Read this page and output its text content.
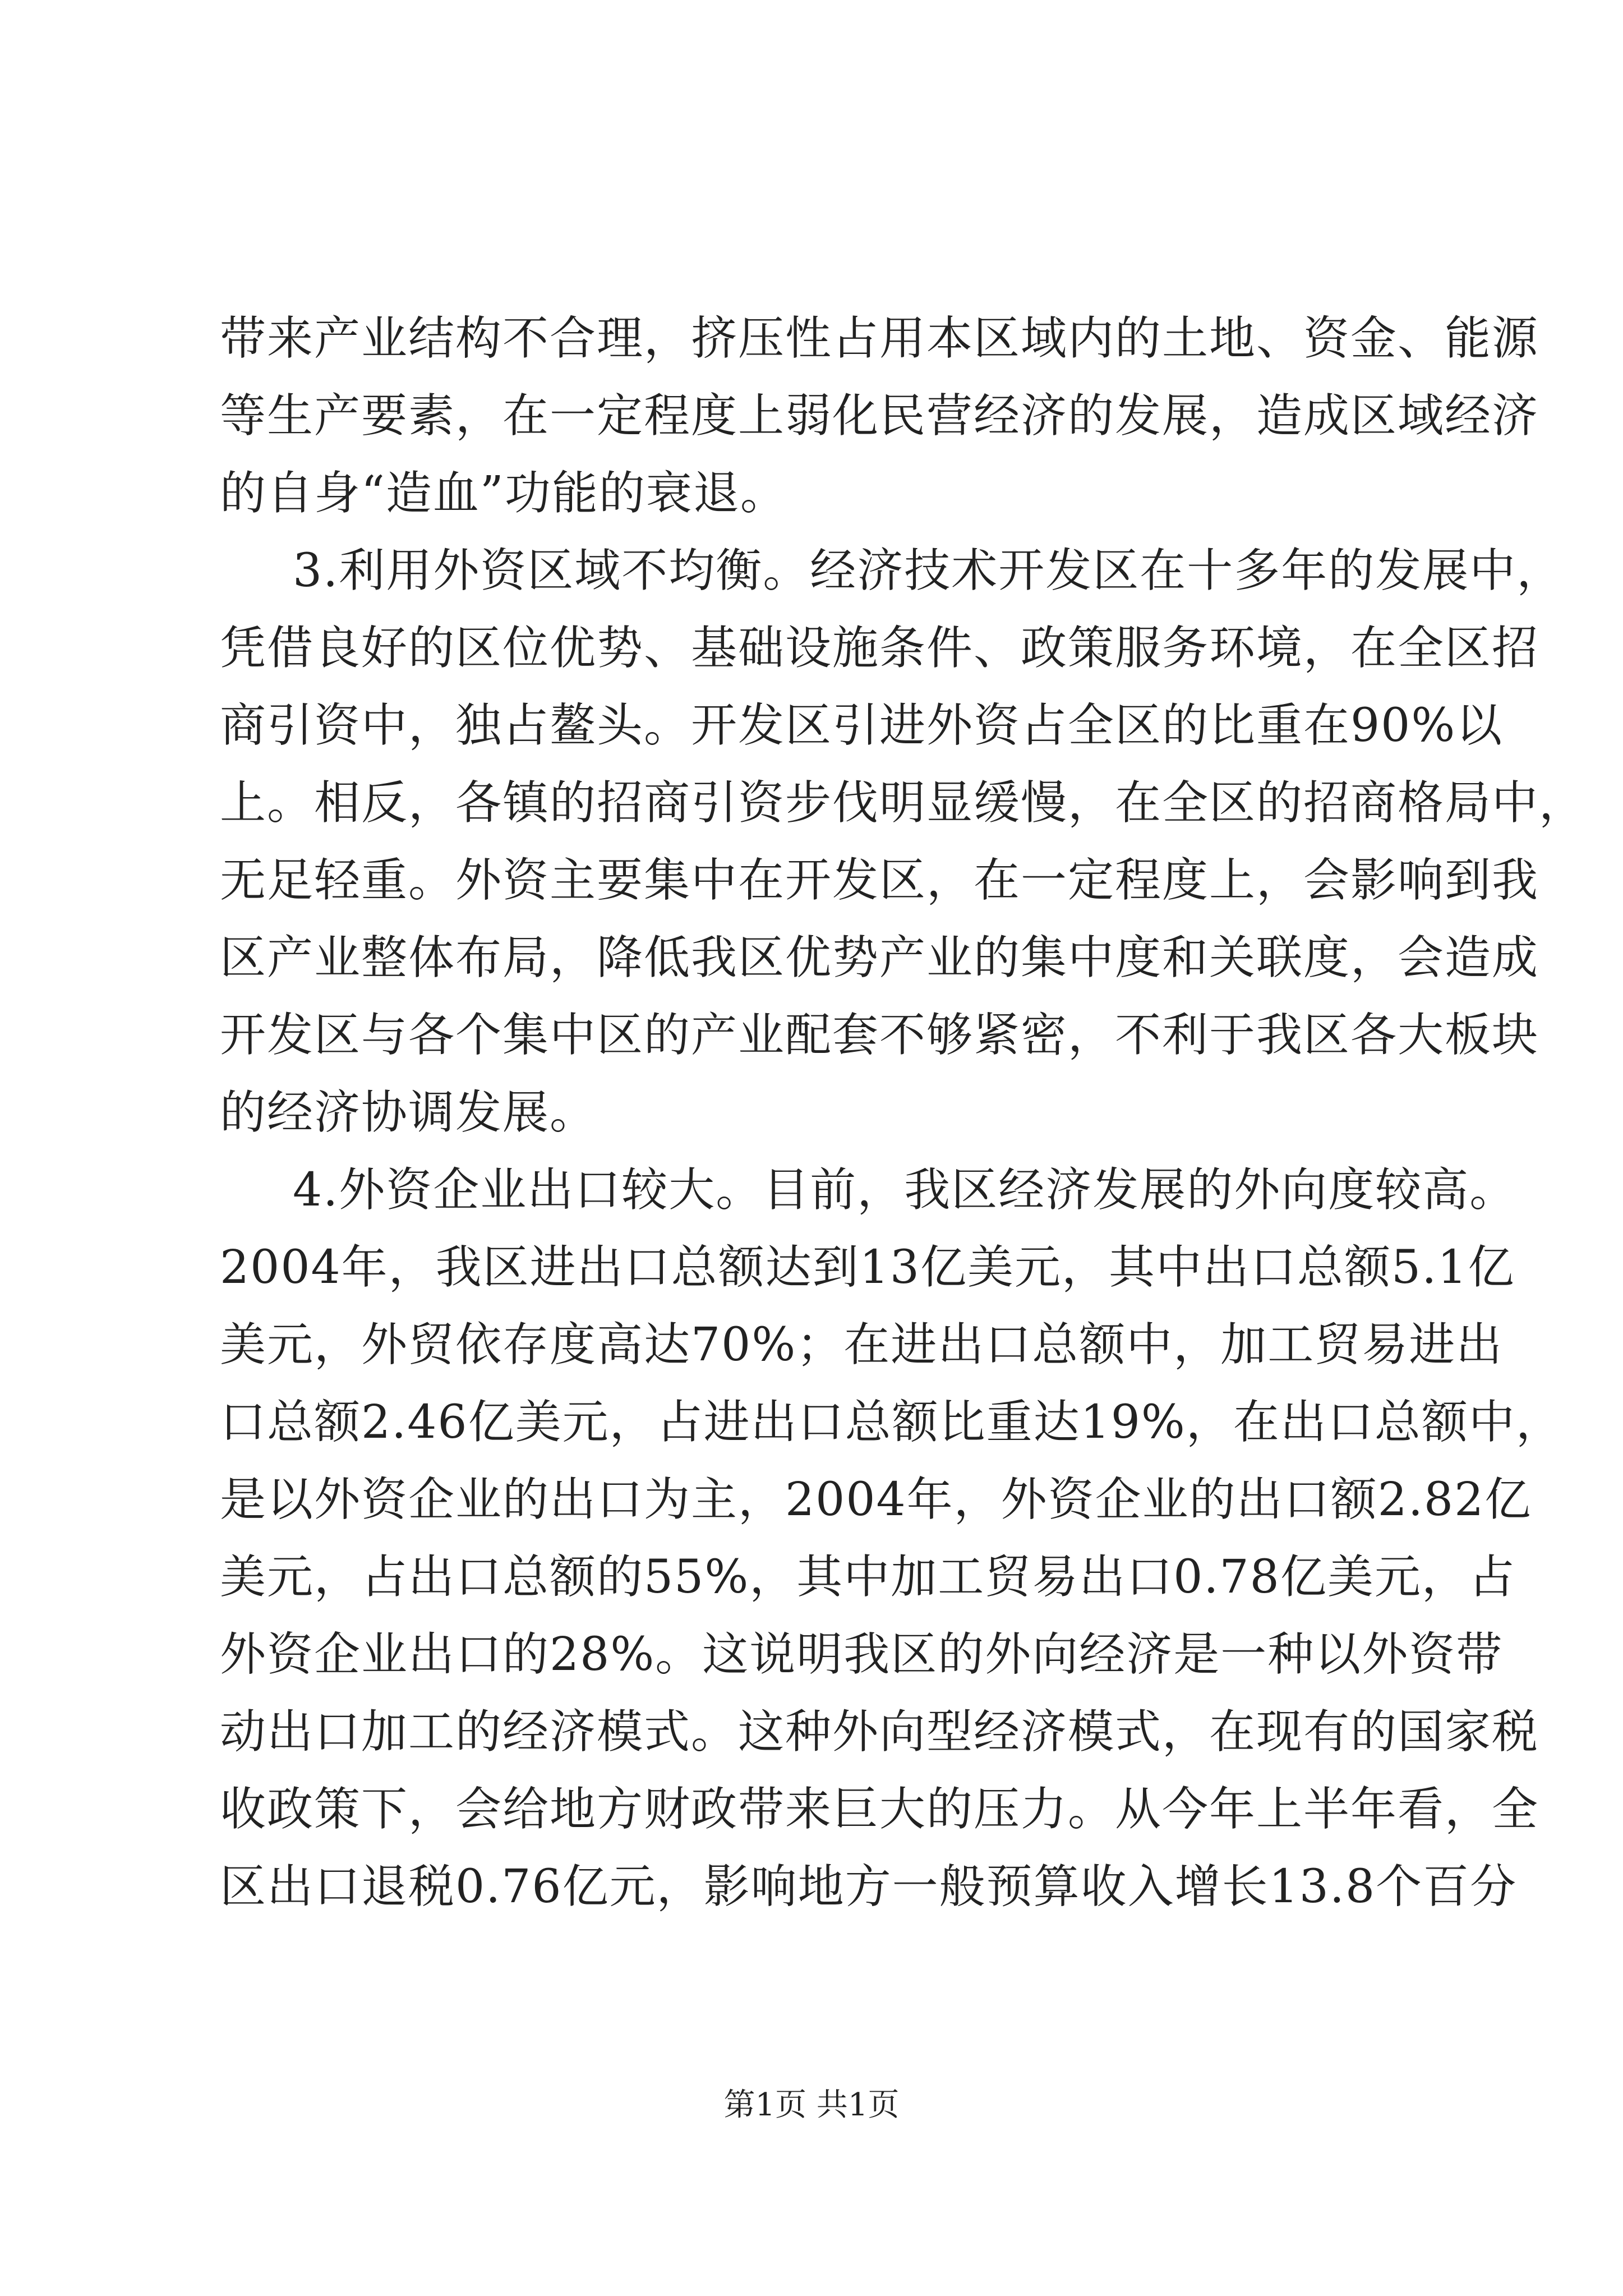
带来产业结构不合理，挤压性占用本区域内的土地、资金、能源
等生产要素，在一定程度上弱化民营经济的发展，造成区域经济
的自身“造血”功能的衰退。
3.利用外资区域不均衡。经济技术开发区在十多年的发展中，
凭借良好的区位优势、基础设施条件、政策服务环境，在全区招
商引资中，独占鳌头。开发区引进外资占全区的比重在90%以
上。相反，各镇的招商引资步伐明显缓慢，在全区的招商格局中，
无足轻重。外资主要集中在开发区，在一定程度上，会影响到我
区产业整体布局，降低我区优势产业的集中度和关联度，会造成
开发区与各个集中区的产业配套不够紧密，不利于我区各大板块
的经济协调发展。
4.外资企业出口较大。目前，我区经济发展的外向度较高。
2004年，我区进出口总额达到13亿美元，其中出口总额5.1亿
美元，外贸依存度高达70%；在进出口总额中，加工贸易进出
口总额2.46亿美元，占进出口总额比重达19%，在出口总额中，
是以外资企业的出口为主，2004年，外资企业的出口额2.82亿
美元，占出口总额的55%，其中加工贸易出口0.78亿美元，占
外资企业出口的28%。这说明我区的外向经济是一种以外资带
动出口加工的经济模式。这种外向型经济模式，在现有的国家税
收政策下，会给地方财政带来巨大的压力。从今年上半年看，全
区出口退税0.76亿元，影响地方一般预算收入增长13.8个百分
第1页 共1页
